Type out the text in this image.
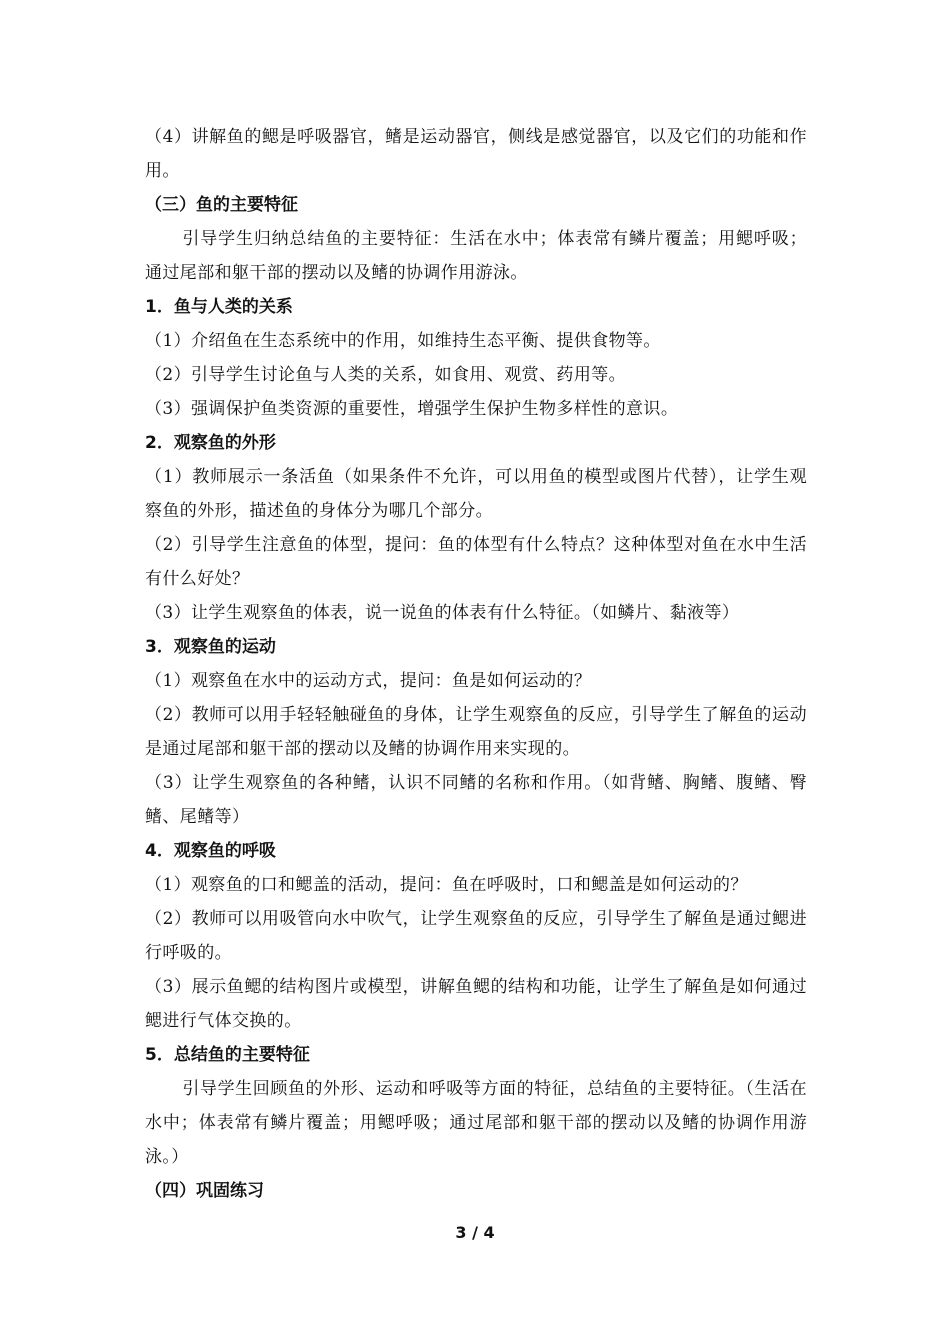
（4）讲解鱼的鳃是呼吸器官，鳍是运动器官，侧线是感觉器官，以及它们的功能和作用。

（三）鱼的主要特征

引导学生归纳总结鱼的主要特征：生活在水中；体表常有鳞片覆盖；用鳃呼吸；通过尾部和躯干部的摆动以及鳍的协调作用游泳。

1．鱼与人类的关系

（1）介绍鱼在生态系统中的作用，如维持生态平衡、提供食物等。

（2）引导学生讨论鱼与人类的关系，如食用、观赏、药用等。

（3）强调保护鱼类资源的重要性，增强学生保护生物多样性的意识。

2．观察鱼的外形

（1）教师展示一条活鱼（如果条件不允许，可以用鱼的模型或图片代替），让学生观察鱼的外形，描述鱼的身体分为哪几个部分。

（2）引导学生注意鱼的体型，提问：鱼的体型有什么特点？这种体型对鱼在水中生活有什么好处？

（3）让学生观察鱼的体表，说一说鱼的体表有什么特征。（如鳞片、黏液等）

3．观察鱼的运动

（1）观察鱼在水中的运动方式，提问：鱼是如何运动的？

（2）教师可以用手轻轻触碰鱼的身体，让学生观察鱼的反应，引导学生了解鱼的运动是通过尾部和躯干部的摆动以及鳍的协调作用来实现的。

（3）让学生观察鱼的各种鳍，认识不同鳍的名称和作用。（如背鳍、胸鳍、腹鳍、臀鳍、尾鳍等）

4．观察鱼的呼吸

（1）观察鱼的口和鳃盖的活动，提问：鱼在呼吸时，口和鳃盖是如何运动的？

（2）教师可以用吸管向水中吹气，让学生观察鱼的反应，引导学生了解鱼是通过鳃进行呼吸的。

（3）展示鱼鳃的结构图片或模型，讲解鱼鳃的结构和功能，让学生了解鱼是如何通过鳃进行气体交换的。

5．总结鱼的主要特征

引导学生回顾鱼的外形、运动和呼吸等方面的特征，总结鱼的主要特征。（生活在水中；体表常有鳞片覆盖；用鳃呼吸；通过尾部和躯干部的摆动以及鳍的协调作用游泳。）

（四）巩固练习

3 / 4
